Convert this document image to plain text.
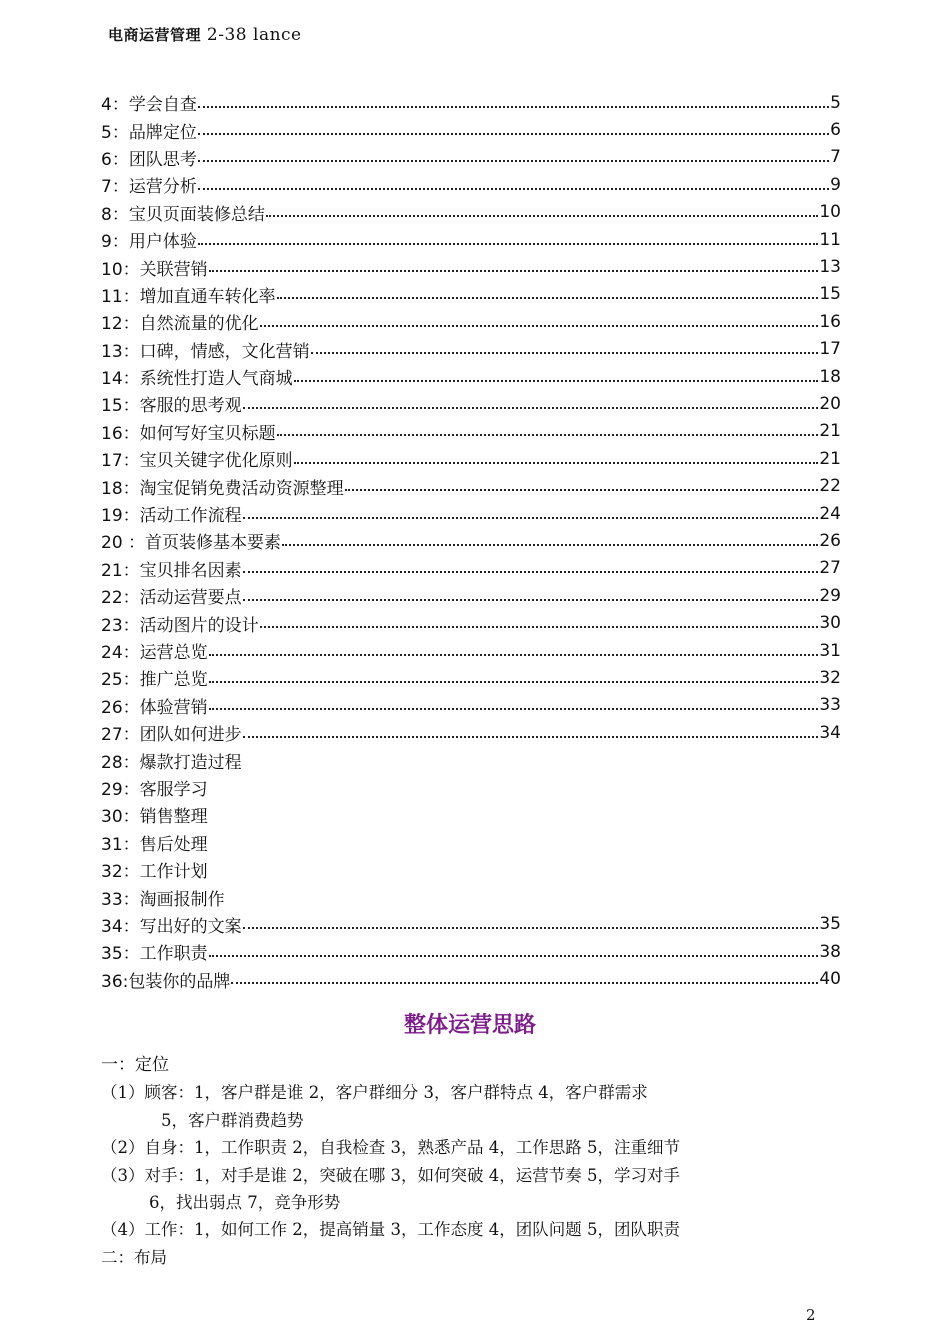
电商运营管理 2-38 lance
4：学会自查	5
5：品牌定位	6
6：团队思考	7
7：运营分析	9
8：宝贝页面装修总结	10
9：用户体验	11
10：关联营销	13
11：增加直通车转化率	15
12：自然流量的优化	16
13：口碑，情感，文化营销	17
14：系统性打造人气商城	18
15：客服的思考观	20
16：如何写好宝贝标题	21
17：宝贝关键字优化原则	21
18：淘宝促销免费活动资源整理	22
19：活动工作流程	24
20 ：首页装修基本要素	26
21：宝贝排名因素	27
22：活动运营要点	29
23：活动图片的设计	30
24：运营总览	31
25：推广总览	32
26：体验营销	33
27：团队如何进步	34
28：爆款打造过程
29：客服学习
30：销售整理
31：售后处理
32：工作计划
33：淘画报制作
34：写出好的文案	35
35：工作职责	38
36:包装你的品牌	40
整体运营思路
一：定位
（1）顾客：1，客户群是谁 2，客户群细分 3，客户群特点 4，客户群需求
5，客户群消费趋势
（2）自身：1，工作职责 2，自我检查 3，熟悉产品 4，工作思路 5，注重细节
（3）对手：1，对手是谁 2，突破在哪 3，如何突破 4，运营节奏 5，学习对手
6，找出弱点 7，竞争形势
（4）工作：1，如何工作 2，提高销量 3，工作态度 4，团队问题 5，团队职责
二：布局
2
